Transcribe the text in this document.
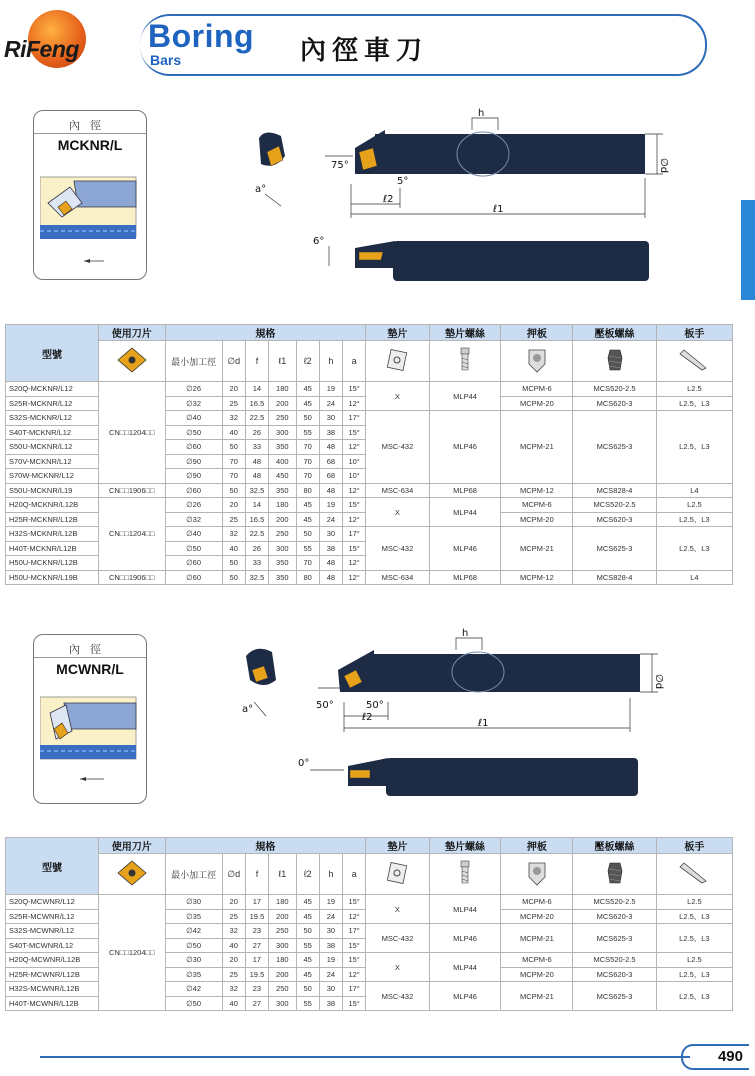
RiFeng Boring
Bars	內徑車刀
內徑
MCKNR/L
h
∅d
75°
5°
a°
6°
ℓ2
ℓ1
型號	使用刀片	規格							墊片	墊片螺絲	押板	壓板螺絲	板手
	最小加工徑	∅d	f	ℓ1	ℓ2	h	a					

S20Q-MCKNR/L12	CN□□1204□□	∅26	20	14	180	45	19	15°	X	MLP44	MCPM-6	MCS520-2.5	L2.5
S25R-MCKNR/L12		∅32	25	16.5	200	45	24	12°			MCPM-20	MCS620-3	L2.5、L3
S32S-MCKNR/L12		∅40	32	22.5	250	50	30	17°	MSC-432	MLP46	MCPM-21	MCS625-3	L2.5、L3
S40T-MCKNR/L12		∅50	40	26	300	55	38	15°					
S50U-MCKNR/L12		∅60	50	33	350	70	48	12°					
S70V-MCKNR/L12		∅90	70	48	400	70	68	10°					
S70W-MCKNR/L12		∅90	70	48	450	70	68	10°					
S50U-MCKNR/L19	CN□□1906□□	∅60	50	32.5	350	80	48	12°	MSC-634	MLP68	MCPM-12	MCS828-4	L4
H20Q-MCKNR/L12B	CN□□1204□□	∅26	20	14	180	45	19	15°	X	MLP44	MCPM-6	MCS520-2.5	L2.5
H25R-MCKNR/L12B		∅32	25	16.5	200	45	24	12°			MCPM-20	MCS620-3	L2.5、L3
H32S-MCKNR/L12B		∅40	32	22.5	250	50	30	17°	MSC-432	MLP46	MCPM-21	MCS625-3	L2.5、L3
H40T-MCKNR/L12B		∅50	40	26	300	55	38	15°					
H50U-MCKNR/L12B		∅60	50	33	350	70	48	12°					
H50U-MCKNR/L19B	CN□□1906□□	∅60	50	32.5	350	80	48	12°	MSC-634	MLP68	MCPM-12	MCS828-4	L4
內徑
MCWNR/L
h
∅d
50°	50°
a°
0°
ℓ2
ℓ1
型號	使用刀片	規格							墊片	墊片螺絲	押板	壓板螺絲	板手
	最小加工徑	∅d	f	ℓ1	ℓ2	h	a					

S20Q-MCWNR/L12	CN□□1204□□	∅30	20	17	180	45	19	15°	X	MLP44	MCPM-6	MCS520-2.5	L2.5
S25R-MCWNR/L12		∅35	25	19.5	200	45	24	12°			MCPM-20	MCS620-3	L2.5、L3
S32S-MCWNR/L12		∅42	32	23	250	50	30	17°	MSC-432	MLP46	MCPM-21	MCS625-3	L2.5、L3
S40T-MCWNR/L12		∅50	40	27	300	55	38	15°					
H20Q-MCWNR/L12B		∅30	20	17	180	45	19	15°	X	MLP44	MCPM-6	MCS520-2.5	L2.5
H25R-MCWNR/L12B		∅35	25	19.5	200	45	24	12°			MCPM-20	MCS620-3	L2.5、L3
H32S-MCWNR/L12B		∅42	32	23	250	50	30	17°	MSC-432	MLP46	MCPM-21	MCS625-3	L2.5、L3
H40T-MCWNR/L12B		∅50	40	27	300	55	38	15°					
490
